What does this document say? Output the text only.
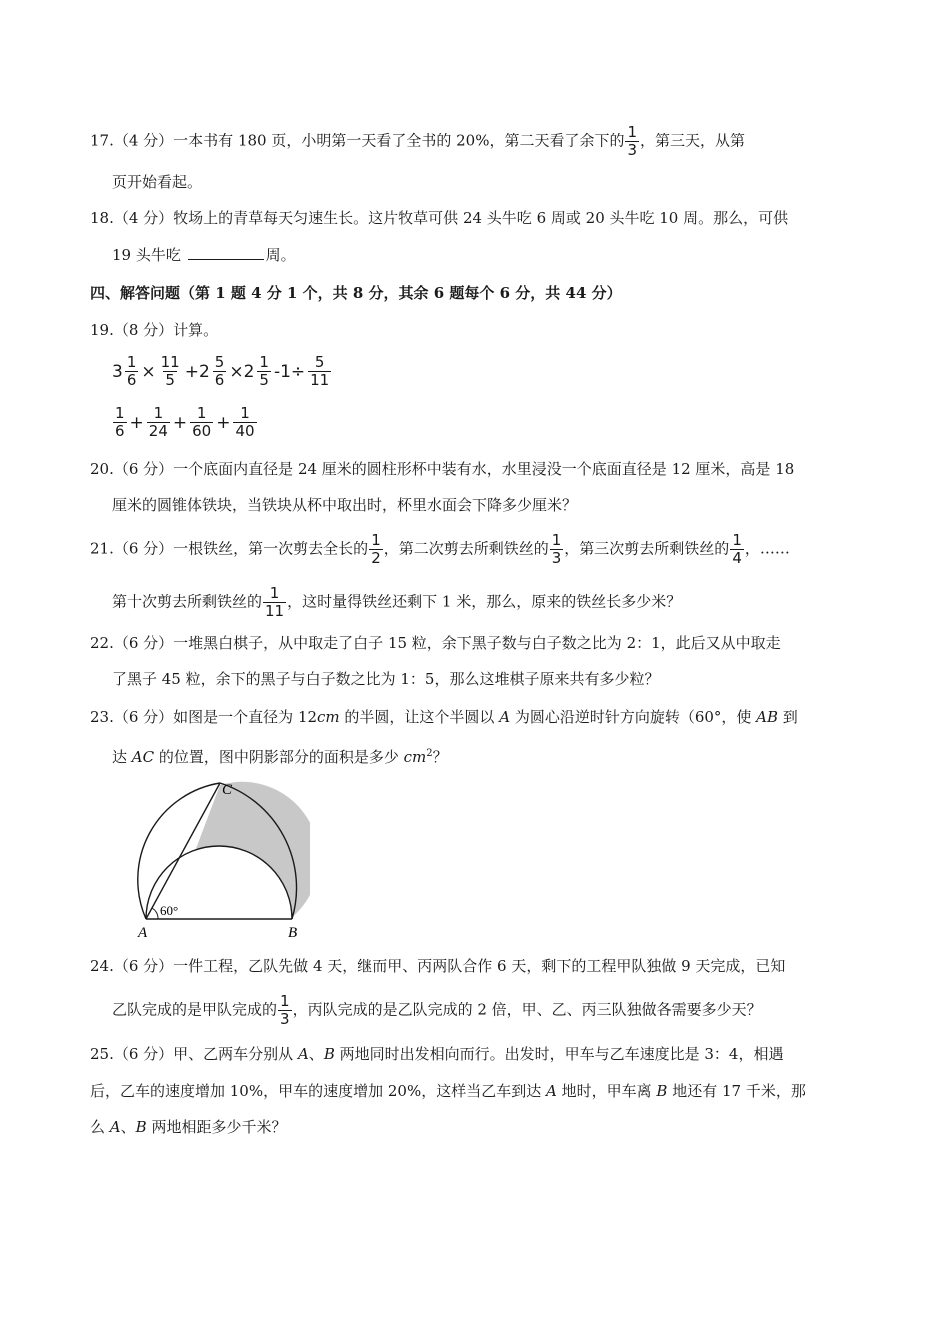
17.（4 分）一本书有 180 页，小明第一天看了全书的 20%，第二天看了余下的 $\frac{1}{3}$ ，第三天，从第
页开始看起。
18.（4 分）牧场上的青草每天匀速生长。这片牧草可供 24 头牛吃 6 周或 20 头牛吃 10 周。那么，可供
19 头牛吃	周。
四、解答问题（第 1 题 4 分 1 个，共 8 分，其余 6 题每个 6 分，共 44 分）
19.（8 分）计算。
$3 \frac{1}{6} \times \frac{11}{5} +2 \frac{5}{6} \times 2 \frac{1}{5} -1\div \frac{5}{11}$
$\frac{1}{6} + \frac{1}{24} + \frac{1}{60} + \frac{1}{40}$
20.（6 分）一个底面内直径是 24 厘米的圆柱形杯中装有水，水里浸没一个底面直径是 12 厘米，高是 18
厘米的圆锥体铁块，当铁块从杯中取出时，杯里水面会下降多少厘米？
21.（6 分）一根铁丝，第一次剪去全长的 $\frac{1}{2}$ ，第二次剪去所剩铁丝的 $\frac{1}{3}$ ，第三次剪去所剩铁丝的 $\frac{1}{4}$ ，……
第十次剪去所剩铁丝的 $\frac{1}{11}$ ，这时量得铁丝还剩下 1 米，那么，原来的铁丝长多少米？
22.（6 分）一堆黑白棋子，从中取走了白子 15 粒，余下黑子数与白子数之比为 2：1，此后又从中取走
了黑子 45 粒，余下的黑子与白子数之比为 1：5，那么这堆棋子原来共有多少粒？
23.（6 分）如图是一个直径为 12cm 的半圆，让这个半圆以 A 为圆心沿逆时针方向旋转（60°，使 AB 到
达 AC 的位置，图中阴影部分的面积是多少 $cm^2$？
60°
A	B
C
24.（6 分）一件工程，乙队先做 4 天，继而甲、丙两队合作 6 天，剩下的工程甲队独做 9 天完成，已知
乙队完成的是甲队完成的 $\frac{1}{3}$ ，丙队完成的是乙队完成的 2 倍，甲、乙、丙三队独做各需要多少天？
25.（6 分）甲、乙两车分别从 A、B 两地同时出发相向而行。出发时，甲车与乙车速度比是 3：4，相遇
后，乙车的速度增加 10%，甲车的速度增加 20%，这样当乙车到达 A 地时，甲车离 B 地还有 17 千米，那
么 A、B 两地相距多少千米？
